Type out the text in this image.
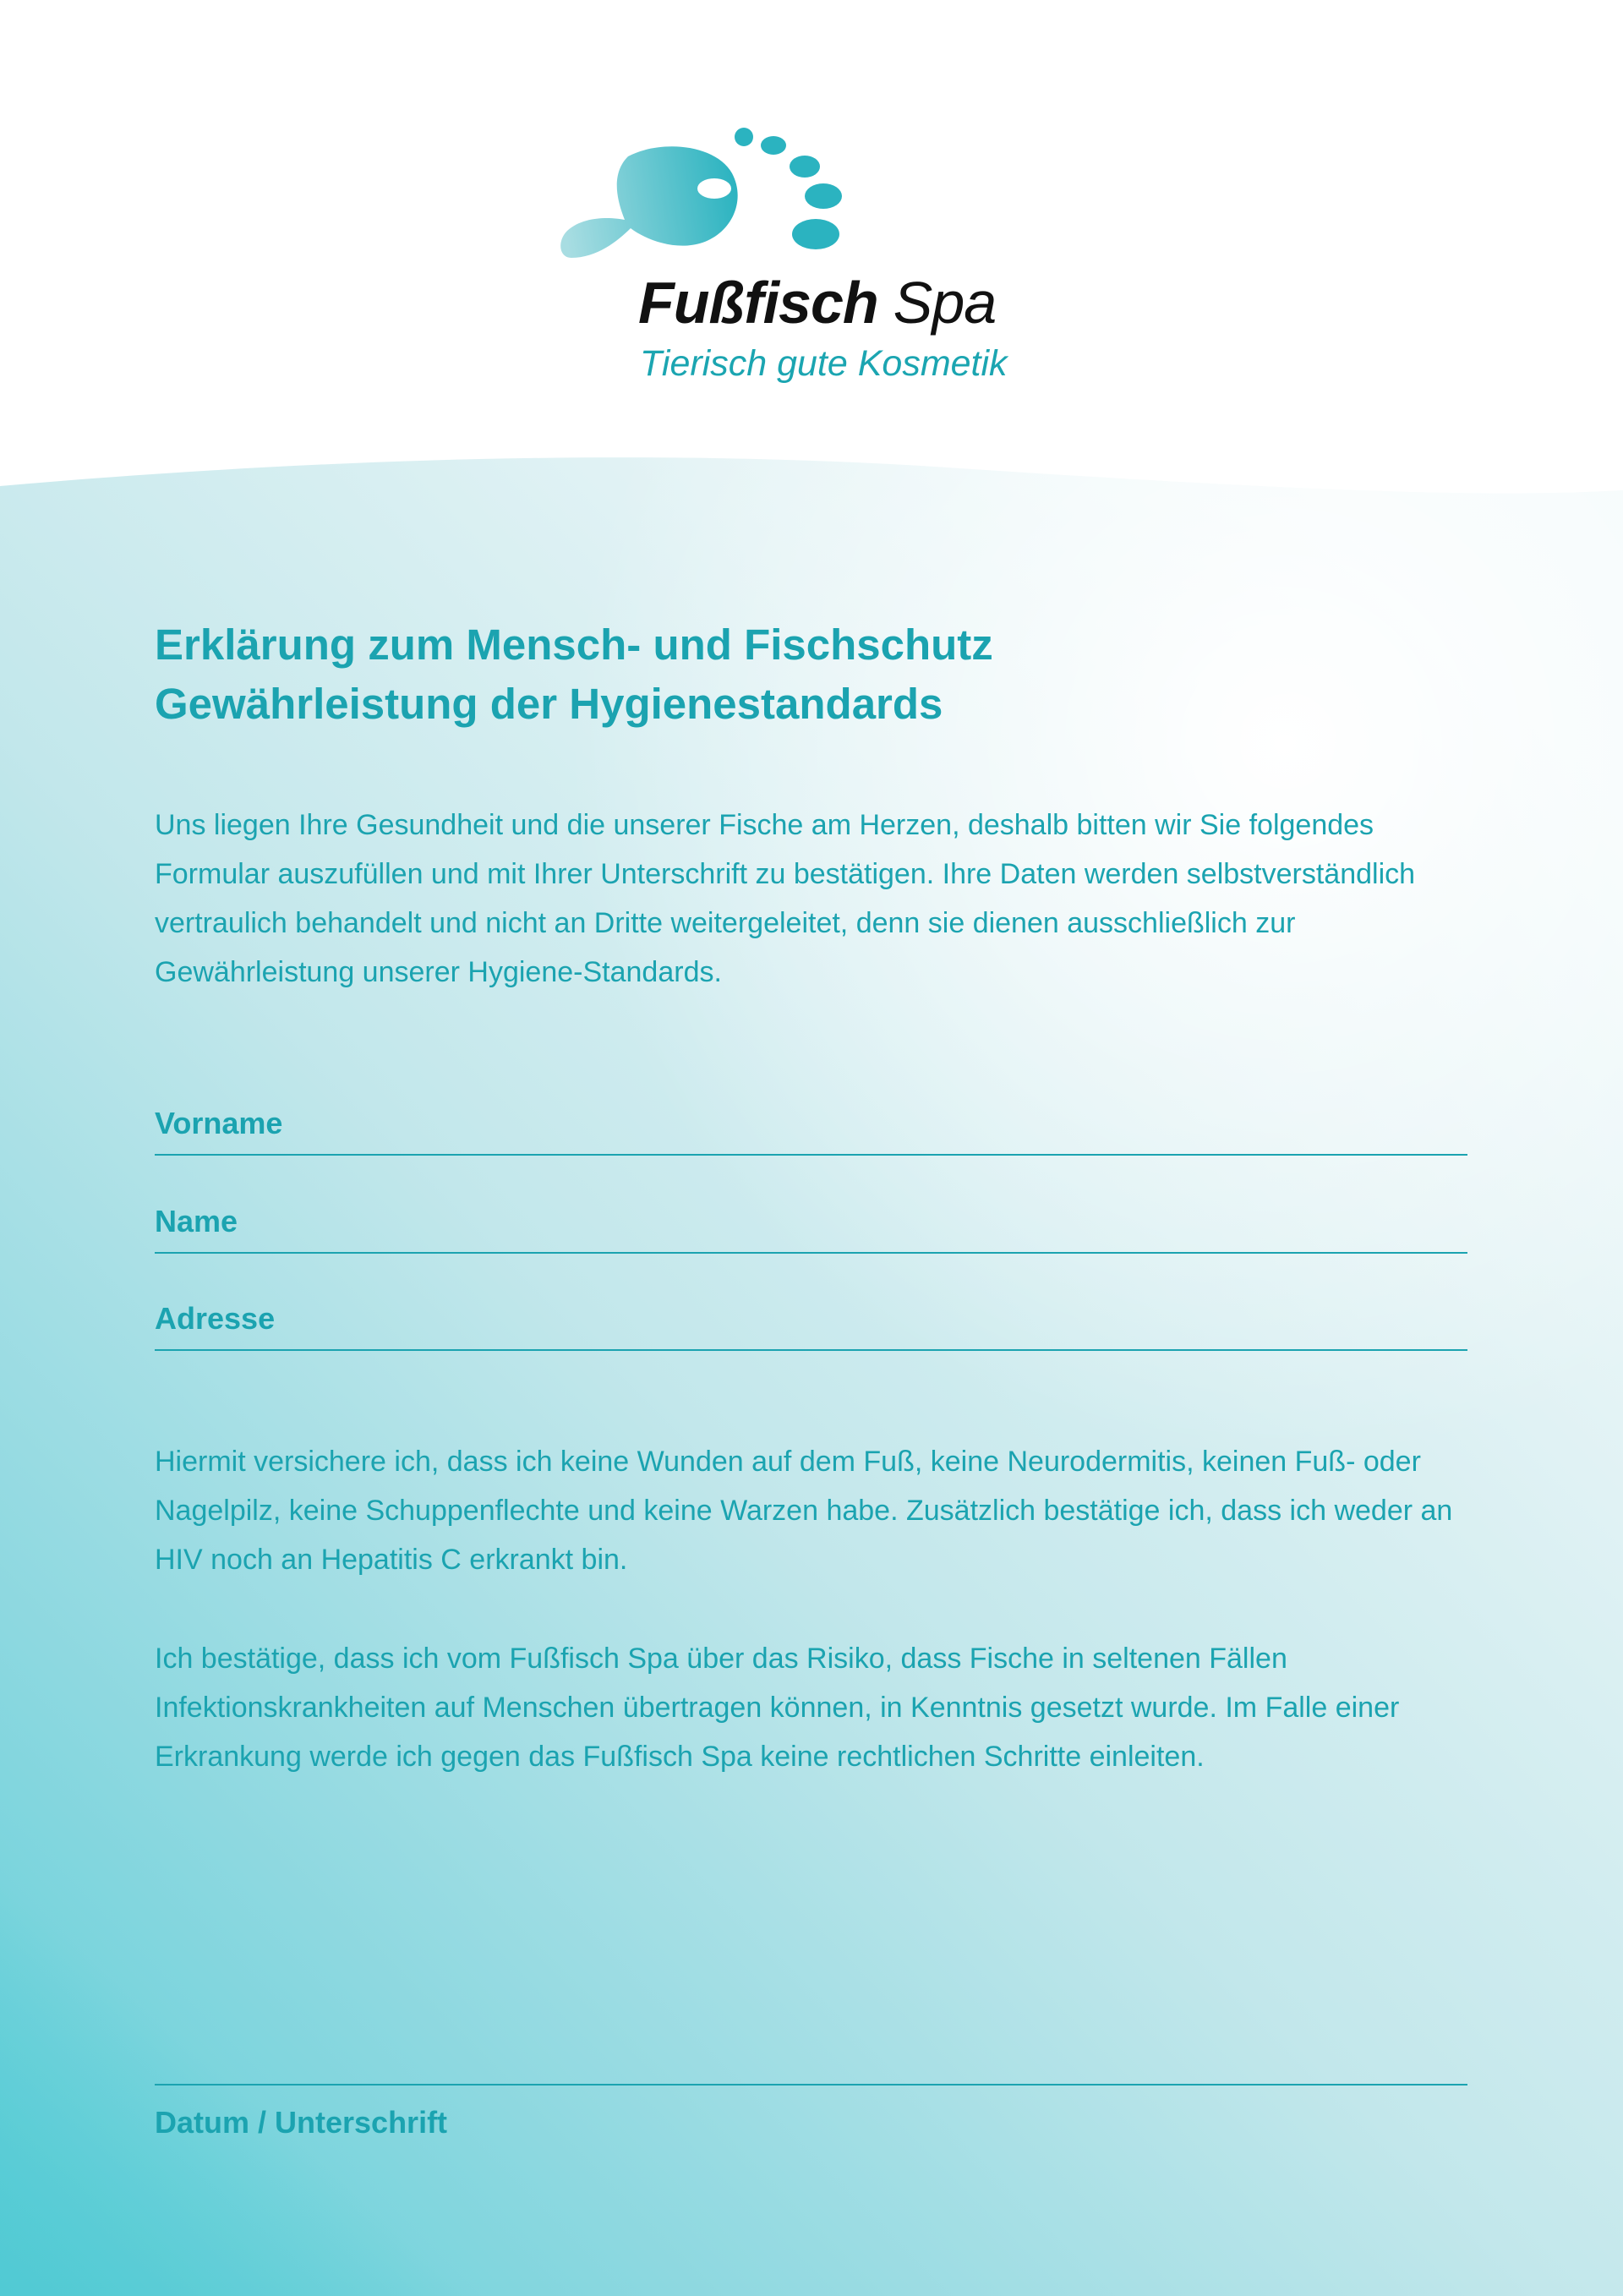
Fußfisch Spa
Tierisch gute Kosmetik
Erklärung zum Mensch- und Fischschutz
Gewährleistung der Hygienestandards
Uns liegen Ihre Gesundheit und die unserer Fische am Herzen, deshalb bitten wir Sie folgendes Formular auszufüllen und mit Ihrer Unterschrift zu bestätigen. Ihre Daten werden selbstverständlich vertraulich behandelt und nicht an Dritte weitergeleitet, denn sie dienen ausschließlich zur Gewährleistung unserer Hygiene-Standards.
Vorname
Name
Adresse
Hiermit versichere ich, dass ich keine Wunden auf dem Fuß, keine Neurodermitis, keinen Fuß- oder Nagelpilz, keine Schuppenflechte und keine Warzen habe. Zusätzlich bestätige ich, dass ich weder an HIV noch an Hepatitis C erkrankt bin.
Ich bestätige, dass ich vom Fußfisch Spa über das Risiko, dass Fische in seltenen Fällen Infektionskrankheiten auf Menschen übertragen können, in Kenntnis gesetzt wurde. Im Falle einer Erkrankung werde ich gegen das Fußfisch Spa keine rechtlichen Schritte einleiten.
Datum / Unterschrift
